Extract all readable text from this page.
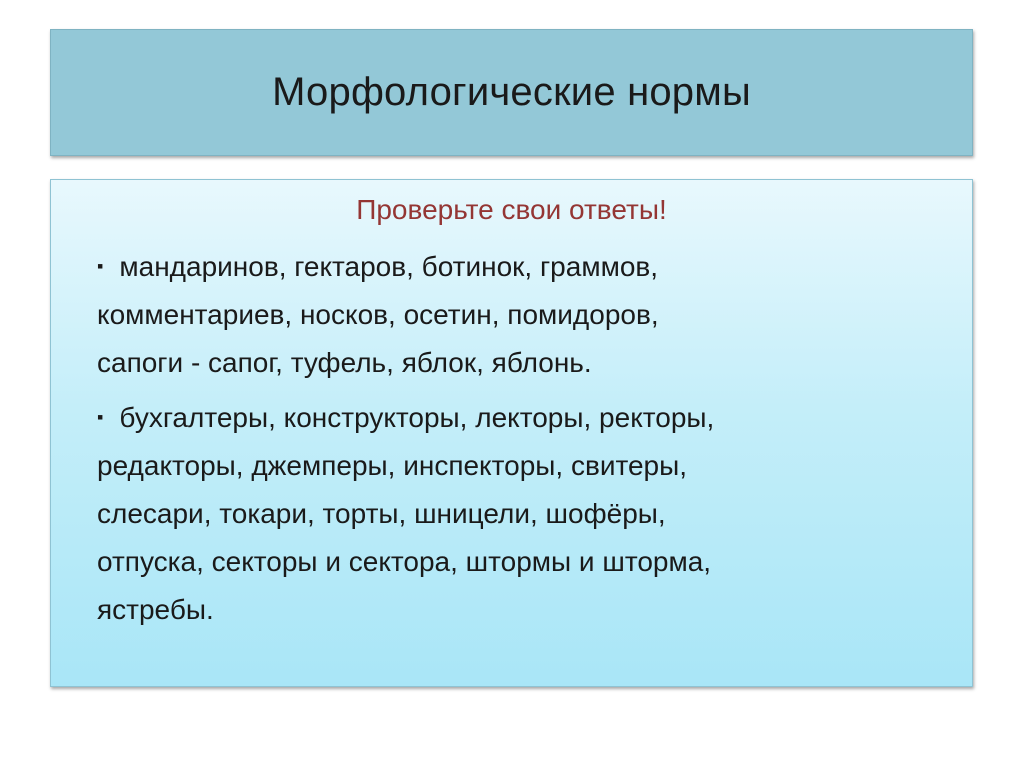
Морфологические нормы
Проверьте свои ответы!
▪ мандаринов, гектаров, ботинок, граммов,
комментариев, носков, осетин, помидоров,
сапоги - сапог, туфель, яблок, яблонь.
▪ бухгалтеры, конструкторы, лекторы, ректоры,
редакторы, джемперы, инспекторы, свитеры,
слесари, токари, торты, шницели, шофёры,
отпуска, секторы и сектора, штормы и шторма,
ястребы.
